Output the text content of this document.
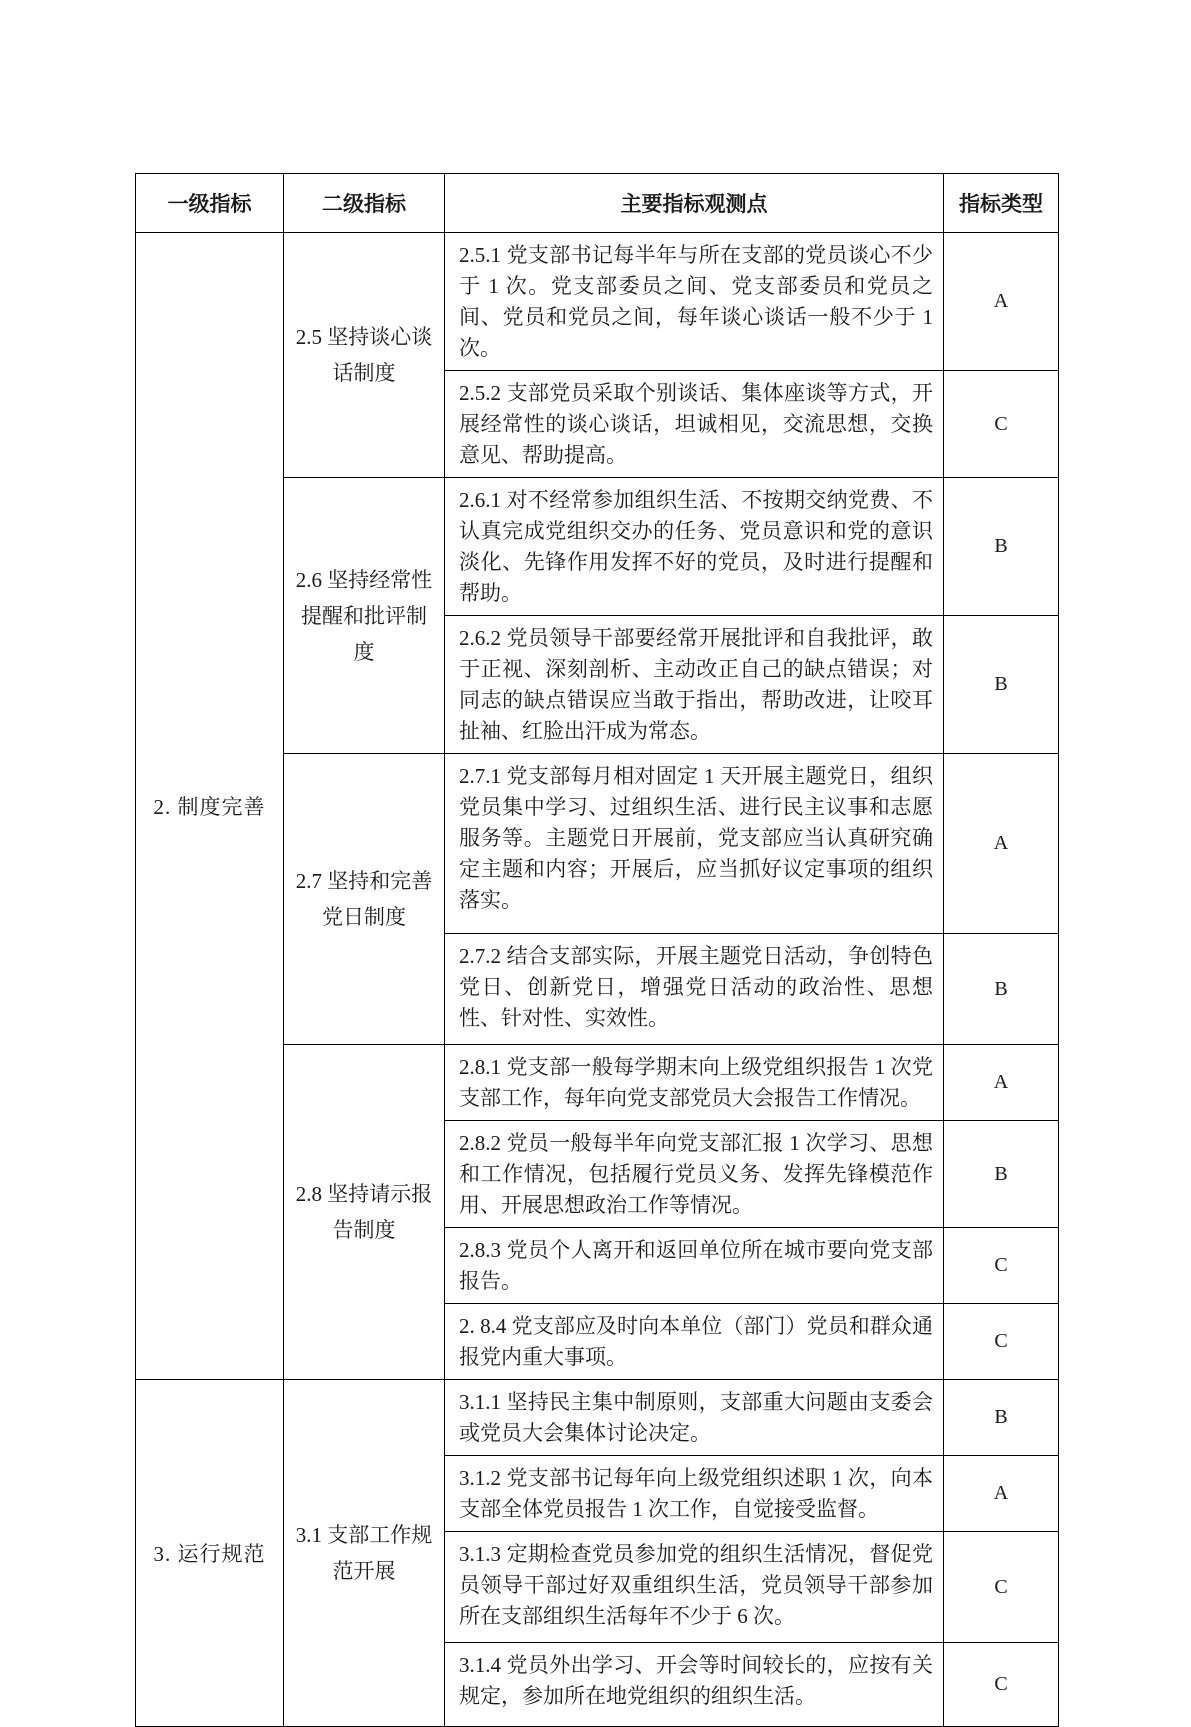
一级指标	二级指标	主要指标观测点	指标类型
2. 制度完善	2.5 坚持谈心谈话制度	2.5.1 党支部书记每半年与所在支部的党员谈心不少于 1 次。党支部委员之间、党支部委员和党员之间、党员和党员之间，每年谈心谈话一般不少于 1次。	A
		2.5.2 支部党员采取个别谈话、集体座谈等方式，开展经常性的谈心谈话，坦诚相见，交流思想，交换意见、帮助提高。	C
	2.6 坚持经常性提醒和批评制度	2.6.1 对不经常参加组织生活、不按期交纳党费、不认真完成党组织交办的任务、党员意识和党的意识淡化、先锋作用发挥不好的党员，及时进行提醒和帮助。	B
		2.6.2 党员领导干部要经常开展批评和自我批评，敢于正视、深刻剖析、主动改正自己的缺点错误；对同志的缺点错误应当敢于指出，帮助改进，让咬耳扯袖、红脸出汗成为常态。	B
	2.7 坚持和完善党日制度	2.7.1 党支部每月相对固定 1 天开展主题党日，组织党员集中学习、过组织生活、进行民主议事和志愿服务等。主题党日开展前，党支部应当认真研究确定主题和内容；开展后，应当抓好议定事项的组织落实。	A
		2.7.2 结合支部实际，开展主题党日活动，争创特色党日、创新党日，增强党日活动的政治性、思想性、针对性、实效性。	B
	2.8 坚持请示报告制度	2.8.1 党支部一般每学期末向上级党组织报告 1 次党支部工作，每年向党支部党员大会报告工作情况。	A
		2.8.2 党员一般每半年向党支部汇报 1 次学习、思想和工作情况，包括履行党员义务、发挥先锋模范作用、开展思想政治工作等情况。	B
		2.8.3 党员个人离开和返回单位所在城市要向党支部报告。	C
		2. 8.4 党支部应及时向本单位（部门）党员和群众通报党内重大事项。	C
3. 运行规范	3.1 支部工作规范开展	3.1.1 坚持民主集中制原则，支部重大问题由支委会或党员大会集体讨论决定。	B
		3.1.2 党支部书记每年向上级党组织述职 1 次，向本支部全体党员报告 1 次工作，自觉接受监督。	A
		3.1.3 定期检查党员参加党的组织生活情况，督促党员领导干部过好双重组织生活，党员领导干部参加所在支部组织生活每年不少于 6 次。	C
		3.1.4 党员外出学习、开会等时间较长的，应按有关规定，参加所在地党组织的组织生活。	C
